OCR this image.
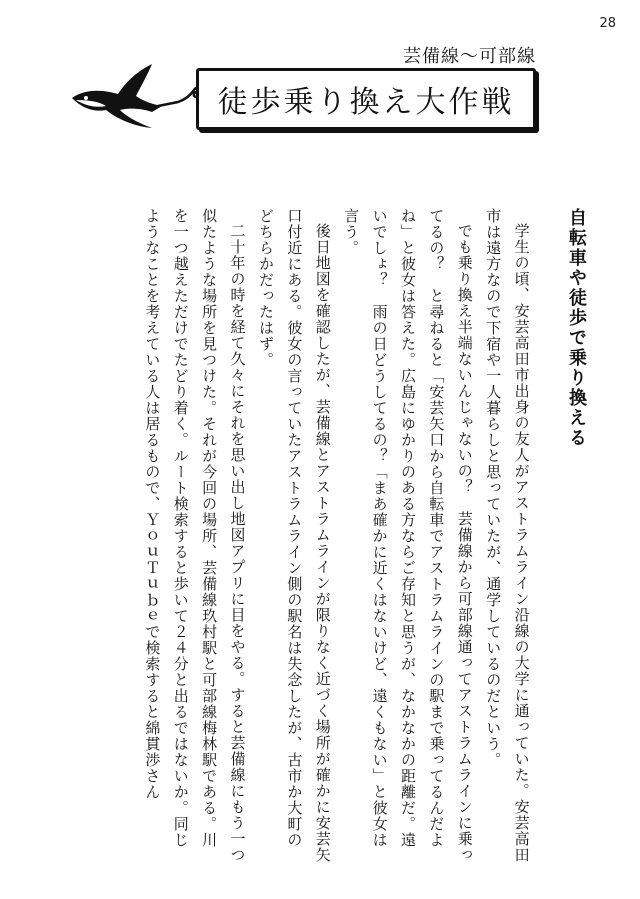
28
徒歩乗り換え大作戦
芸備線〜可部線
自転車や徒歩で乗り換える

学生の頃、安芸高田市出身の友人がアストラムライン沿線の大学に通っていた。安芸高田市は遠方なので下宿や一人暮らしと思っていたが、通学しているのだという。

でも乗り換え半端ないんじゃないの？　芸備線から可部線通ってアストラムラインに乗ってるの？　と尋ねると「安芸矢口から自転車でアストラムラインの駅まで乗ってるんだよね」と彼女は答えた。広島にゆかりのある方ならご存知と思うが、なかなかの距離だ。遠いでしょ？　雨の日どうしてるの？「まあ確かに近くはないけど、遠くもない」と彼女は言う。

後日地図を確認したが、芸備線とアストラムラインが限りなく近づく場所が確かに安芸矢口付近にある。彼女の言っていたアストラムライン側の駅名は失念したが、古市か大町のどちらかだったはず。

二十年の時を経て久々にそれを思い出し地図アプリに目をやる。すると芸備線にもう一つ似たような場所を見つけた。それが今回の場所、芸備線玖村駅と可部線梅林駅である。川を一つ越えただけでたどり着く。ルート検索すると歩いて２４分と出るではないか。同じようなことを考えている人は居るもので、ＹｏｕＴｕｂｅで検索すると綿貫渉さん
